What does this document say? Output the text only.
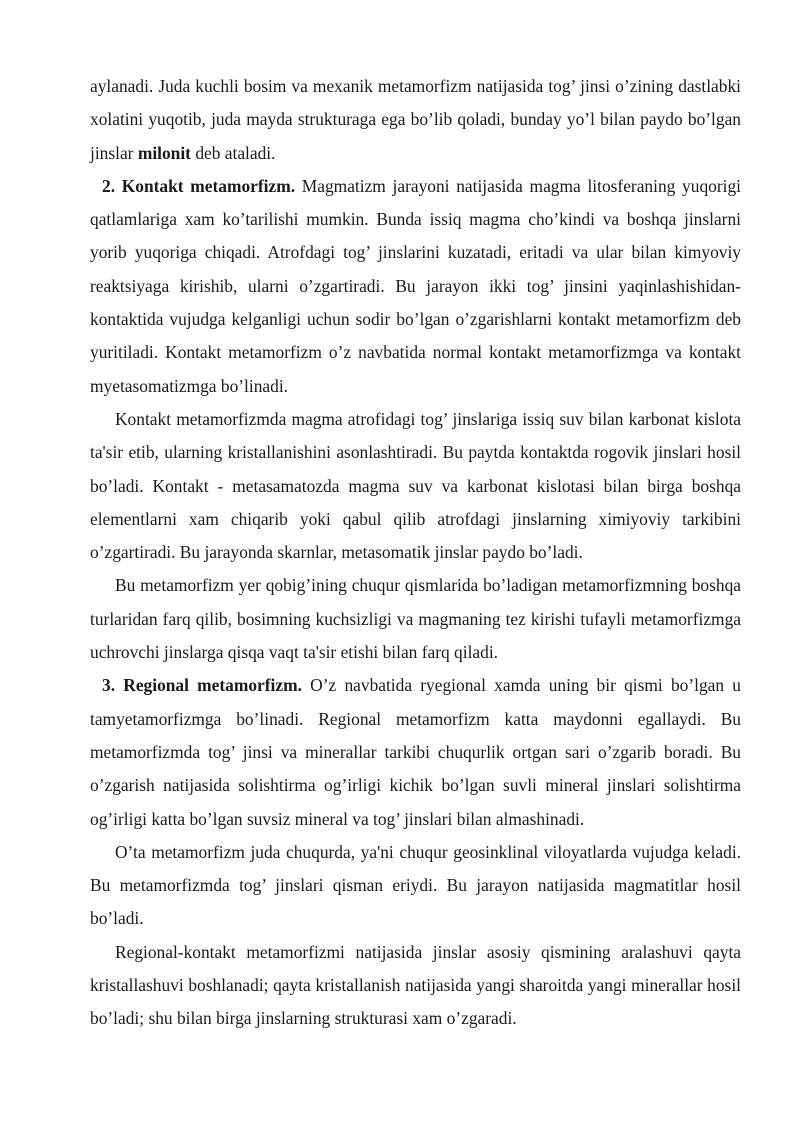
aylanadi. Juda kuchli bosim va mexanik metamorfizm natijasida tog’ jinsi o’zining dastlabki xolatini yuqotib, juda mayda strukturaga ega bo’lib qoladi, bunday yo’l bilan paydo bo’lgan jinslar milonit deb ataladi.

2. Kontakt metamorfizm. Magmatizm jarayoni natijasida magma litosferaning yuqorigi qatlamlariga xam ko’tarilishi mumkin. Bunda issiq magma cho’kindi va boshqa jinslarni yorib yuqoriga chiqadi. Atrofdagi tog’ jinslarini kuzatadi, eritadi va ular bilan kimyoviy reaktsiyaga kirishib, ularni o’zgartiradi. Bu jarayon ikki tog’ jinsini yaqinlashishidan-kontaktida vujudga kelganligi uchun sodir bo’lgan o’zgarishlarni kontakt metamorfizm deb yuritiladi. Kontakt metamorfizm o’z navbatida normal kontakt metamorfizmga va kontakt myetasomatizmga bo’linadi.

Kontakt metamorfizmda magma atrofidagi tog’ jinslariga issiq suv bilan karbonat kislota ta'sir etib, ularning kristallanishini asonlashtiradi. Bu paytda kontaktda rogovik jinslari hosil bo’ladi. Kontakt - metasamatozda magma suv va karbonat kislotasi bilan birga boshqa elementlarni xam chiqarib yoki qabul qilib atrofdagi jinslarning ximiyoviy tarkibini o’zgartiradi. Bu jarayonda skarnlar, metasomatik jinslar paydo bo’ladi.

Bu metamorfizm yer qobig’ining chuqur qismlarida bo’ladigan metamorfizmning boshqa turlaridan farq qilib, bosimning kuchsizligi va magmaning tez kirishi tufayli metamorfizmga uchrovchi jinslarga qisqa vaqt ta'sir etishi bilan farq qiladi.

3. Regional metamorfizm. O’z navbatida ryegional xamda uning bir qismi bo’lgan u tamyetamorfizmga bo’linadi. Regional metamorfizm katta maydonni egallaydi. Bu metamorfizmda tog’ jinsi va minerallar tarkibi chuqurlik ortgan sari o’zgarib boradi. Bu o’zgarish natijasida solishtirma og’irligi kichik bo’lgan suvli mineral jinslari solishtirma og’irligi katta bo’lgan suvsiz mineral va tog’ jinslari bilan almashinadi.

O’ta metamorfizm juda chuqurda, ya'ni chuqur geosinklinal viloyatlarda vujudga keladi. Bu metamorfizmda tog’ jinslari qisman eriydi. Bu jarayon natijasida magmatitlar hosil bo’ladi.

Regional-kontakt metamorfizmi natijasida jinslar asosiy qismining aralashuvi qayta kristallashuvi boshlanadi; qayta kristallanish natijasida yangi sharoitda yangi minerallar hosil bo’ladi; shu bilan birga jinslarning strukturasi xam o’zgaradi.
